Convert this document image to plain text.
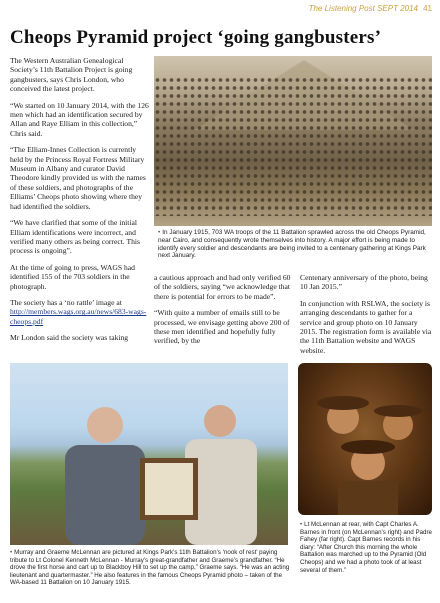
The Listening Post SEPT 2014 41
Cheops Pyramid project ‘going gangbusters’

The Western Australian Genealogical Society’s 11th Battalion Project is going gangbusters, says Chris London, who conceived the latest project.

“We started on 10 January 2014, with the 126 men which had an identification secured by Allan and Raye Elliam in this collection,” Chris said.

“The Elliam-Innes Collection is currently held by the Princess Royal Fortress Military Museum in Albany and curator David Theodore kindly provided us with the names of these soldiers, and photographs of the Elliams’ Cheops photo showing where they had identified the soldiers.

“We have clarified that some of the initial Elliam identifications were incorrect, and verified many others as being correct. This process is ongoing”.

At the time of going to press, WAGS had identified 155 of the 703 soldiers in the photograph.

The society has a ‘no rattle’ image at http://members.wags.org.au/news/683-wags-cheops.pdf

Mr London said the society was taking

• In January 1915, 703 WA troops of the 11 Battalion sprawled across the old Cheops Pyramid, near Cairo, and consequently wrote themselves into history. A major effort is being made to identify every soldier and descendants are being invited to a centenary gathering at Kings Park next January.

a cautious approach and had only verified 60 of the soldiers, saying “we acknowledge that there is potential for errors to be made”.

“With quite a number of emails still to be processed, we envisage getting above 200 of these men identified and hopefully fully verified, by the

Centenary anniversary of the photo, being 10 Jan 2015.”

In conjunction with RSLWA, the society is arranging descendants to gather for a service and group photo on 10 January 2015. The registration form is available via the 11th Battalion website and WAGS website.

• Murray and Graeme McLennan are pictured at Kings Park’s 11th Battalion’s ‘nook of rest’ paying tribute to Lt Colonel Kenneth McLennan - Murray’s great-grandfather and Graeme’s grandfather. “He drove the first horse and cart up to Blackboy Hill to set up the camp,” Graeme says. “He was an acting lieutenant and quartermaster.” He also features in the famous Cheops Pyramid photo – taken of the WA-based 11 Battalion on 10 January 1915.
• Lt McLennan at rear, with Capt Charles A. Barnes in front (on McLennan’s right) and Padre Fahey (far right). Capt Barnes records in his diary: “After Church this morning the whole Battalion was marched up to the Pyramid (Old Cheops) and we had a photo took of at least several of them.”
